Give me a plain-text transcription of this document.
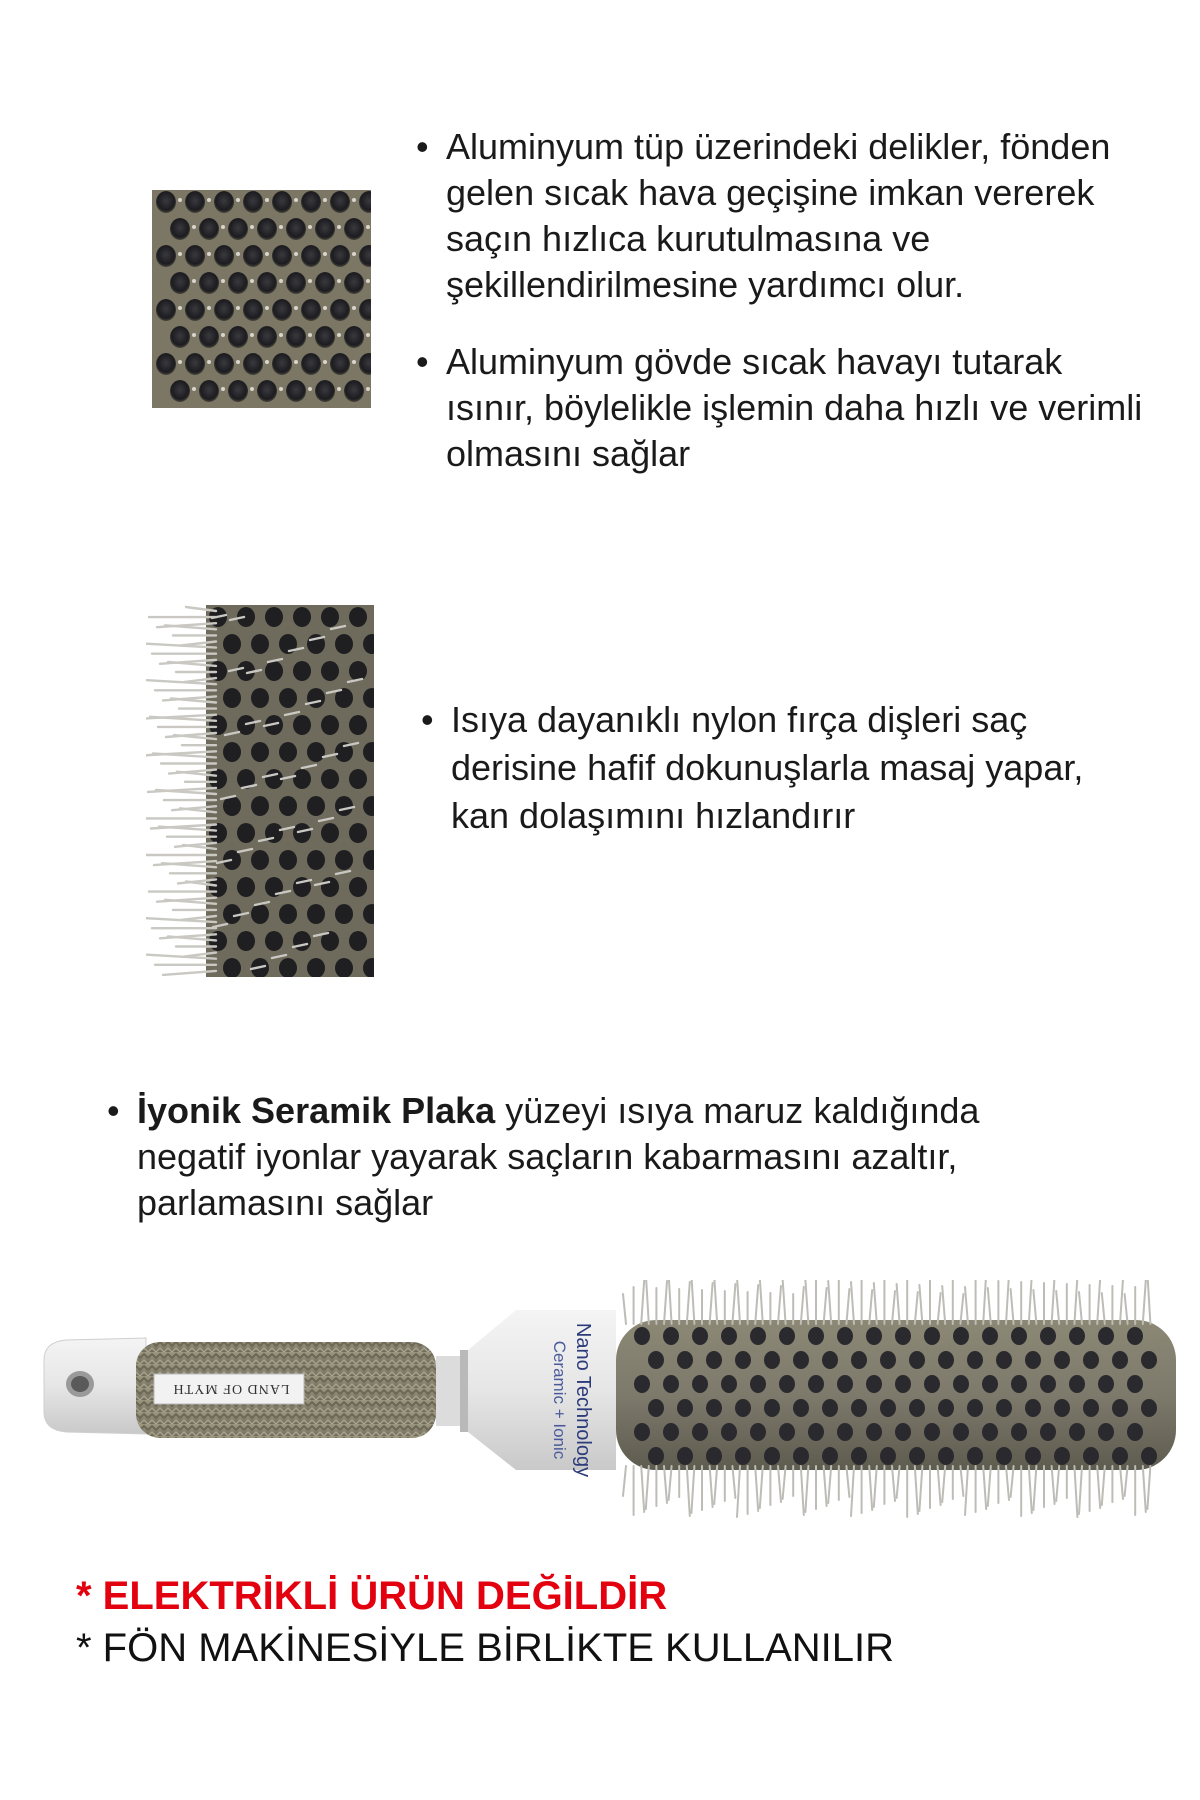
• Aluminyum tüp üzerindeki delikler, fönden gelen sıcak hava geçişine imkan vererek saçın hızlıca kurutulmasına ve şekillendirilmesine yardımcı olur.

• Aluminyum gövde sıcak havayı tutarak ısınır, böylelikle işlemin daha hızlı ve verimli olmasını sağlar

• Isıya dayanıklı nylon fırça dişleri saç derisine hafif dokunuşlarla masaj yapar, kan dolaşımını hızlandırır

• İyonik Seramik Plaka yüzeyi ısıya maruz kaldığında negatif iyonlar yayarak saçların kabarmasını azaltır, parlamasını sağlar

LAND OF MYTH	Nano Technology
Ceramic + Ionic
* ELEKTRİKLİ ÜRÜN DEĞİLDİR
* FÖN MAKİNESİYLE BİRLİKTE KULLANILIR
